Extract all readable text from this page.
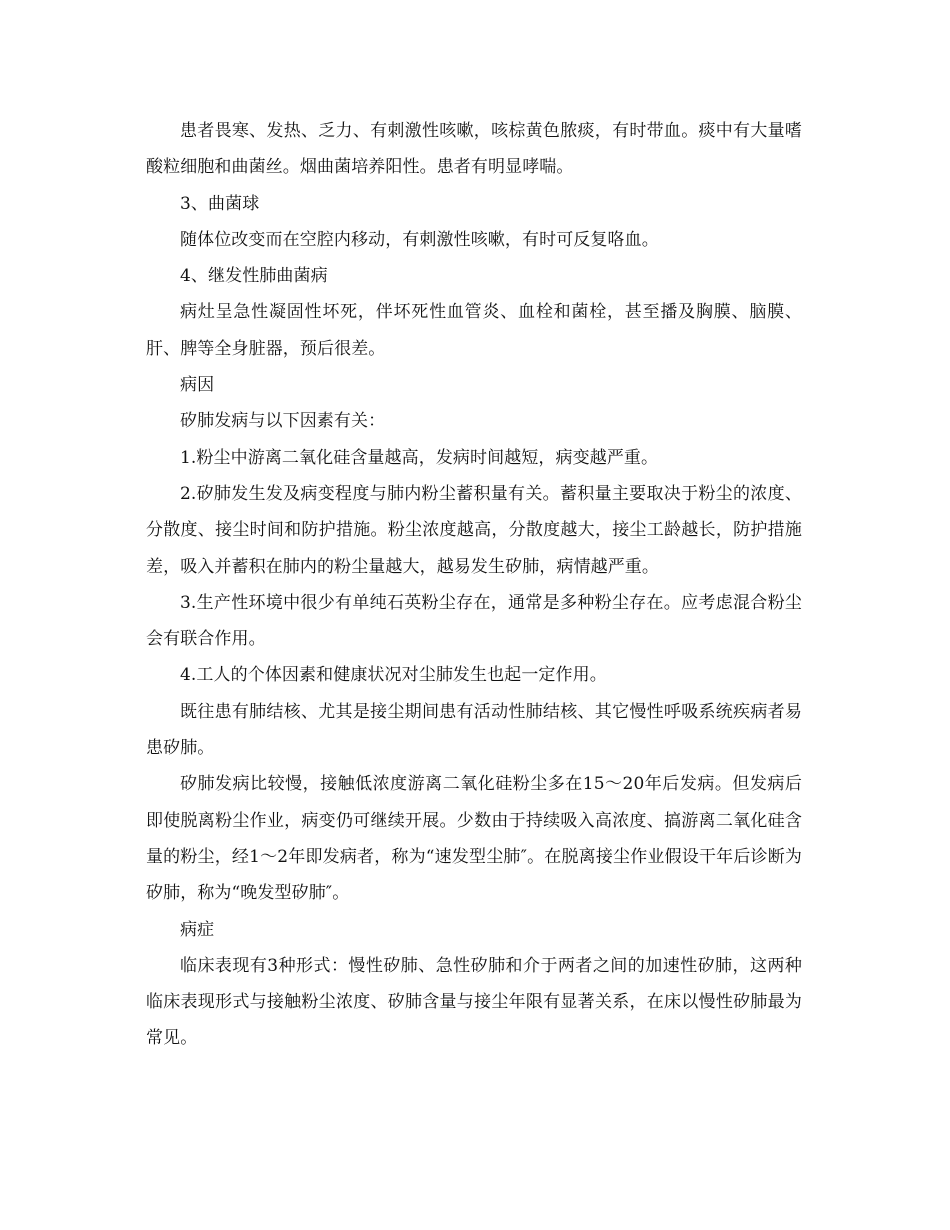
患者畏寒、发热、乏力、有刺激性咳嗽，咳棕黄色脓痰，有时带血。痰中有大量嗜酸粒细胞和曲菌丝。烟曲菌培养阳性。患者有明显哮喘。

3、曲菌球

随体位改变而在空腔内移动，有刺激性咳嗽，有时可反复咯血。

4、继发性肺曲菌病

病灶呈急性凝固性坏死，伴坏死性血管炎、血栓和菌栓，甚至播及胸膜、脑膜、肝、脾等全身脏器，预后很差。

病因

矽肺发病与以下因素有关：

1.粉尘中游离二氧化硅含量越高，发病时间越短，病变越严重。

2.矽肺发生发及病变程度与肺内粉尘蓄积量有关。蓄积量主要取决于粉尘的浓度、分散度、接尘时间和防护措施。粉尘浓度越高，分散度越大，接尘工龄越长，防护措施差，吸入并蓄积在肺内的粉尘量越大，越易发生矽肺，病情越严重。

3.生产性环境中很少有单纯石英粉尘存在，通常是多种粉尘存在。应考虑混合粉尘会有联合作用。

4.工人的个体因素和健康状况对尘肺发生也起一定作用。

既往患有肺结核、尤其是接尘期间患有活动性肺结核、其它慢性呼吸系统疾病者易患矽肺。

矽肺发病比较慢，接触低浓度游离二氧化硅粉尘多在15～20年后发病。但发病后即使脱离粉尘作业，病变仍可继续开展。少数由于持续吸入高浓度、搞游离二氧化硅含量的粉尘，经1～2年即发病者，称为“速发型尘肺″。在脱离接尘作业假设干年后诊断为矽肺，称为“晚发型矽肺″。

病症

临床表现有3种形式：慢性矽肺、急性矽肺和介于两者之间的加速性矽肺，这两种临床表现形式与接触粉尘浓度、矽肺含量与接尘年限有显著关系，在床以慢性矽肺最为常见。
